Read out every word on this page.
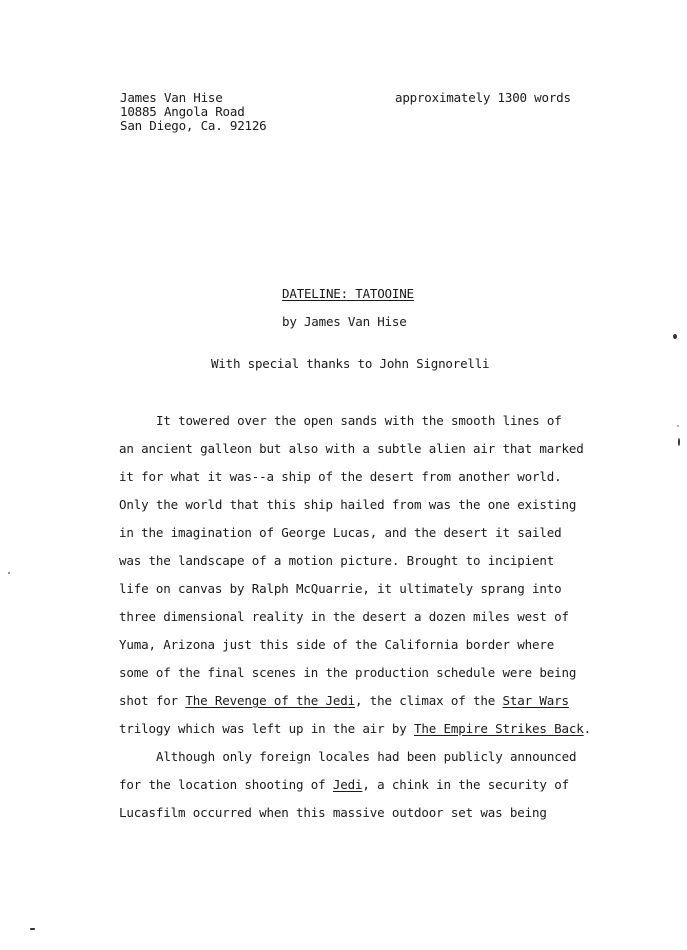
James Van Hise
10885 Angola Road
San Diego, Ca. 92126
approximately 1300 words
DATELINE: TATOOINE
by James Van Hise
With special thanks to John Signorelli
It towered over the open sands with the smooth lines of
an ancient galleon but also with a subtle alien air that marked
it for what it was--a ship of the desert from another world.
Only the world that this ship hailed from was the one existing
in the imagination of George Lucas, and the desert it sailed
was the landscape of a motion picture. Brought to incipient
life on canvas by Ralph McQuarrie, it ultimately sprang into
three dimensional reality in the desert a dozen miles west of
Yuma, Arizona just this side of the California border where
some of the final scenes in the production schedule were being
shot for The Revenge of the Jedi, the climax of the Star Wars
trilogy which was left up in the air by The Empire Strikes Back.
Although only foreign locales had been publicly announced
for the location shooting of Jedi, a chink in the security of
Lucasfilm occurred when this massive outdoor set was being
